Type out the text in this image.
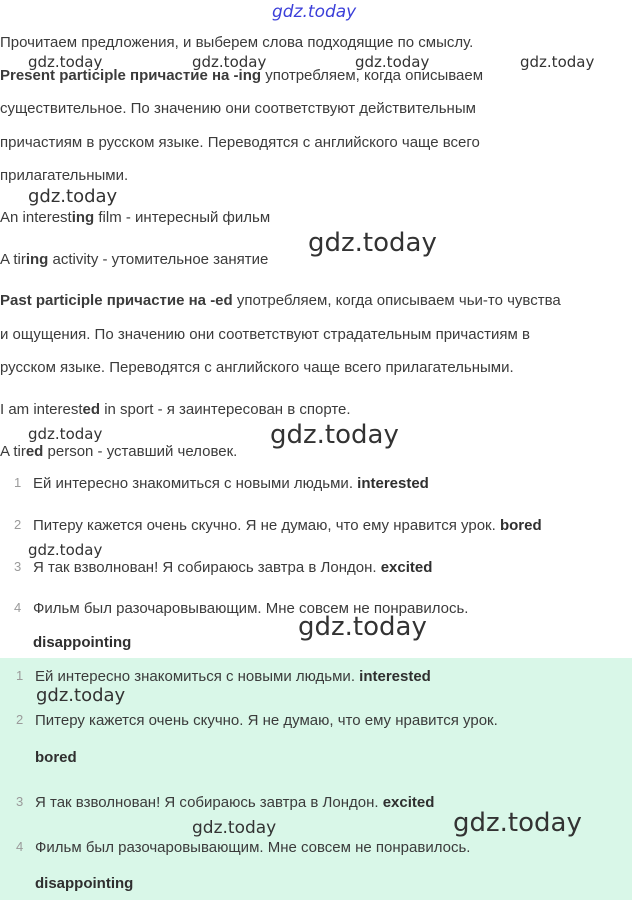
gdz.today

Прочитаем предложения, и выберем слова подходящие по смыслу.

Present participle причастие на -ing употребляем, когда описываем

существительное. По значению они соответствуют действительным

причастиям в русском языке. Переводятся с английского чаще всего

прилагательными.

An interesting film - интересный фильм

A tiring activity - утомительное занятие

Past participle причастие на -ed употребляем, когда описываем чьи-то чувства

и ощущения. По значению они соответствуют страдательным причастиям в

русском языке. Переводятся с английского чаще всего прилагательными.

I am interested in sport - я заинтересован в спорте.

A tired person - уставший человек.

1 Ей интересно знакомиться с новыми людьми. interested
2 Питеру кажется очень скучно. Я не думаю, что ему нравится урок. bored
3 Я так взволнован! Я собираюсь завтра в Лондон. excited
4 Фильм был разочаровывающим. Мне совсем не понравилось.
disappointing
1 Ей интересно знакомиться с новыми людьми. interested
2 Питеру кажется очень скучно. Я не думаю, что ему нравится урок.
bored
3 Я так взволнован! Я собираюсь завтра в Лондон. excited
4 Фильм был разочаровывающим. Мне совсем не понравилось.
disappointing
gdz.today	gdz.today	gdz.today	gdz.today
gdz.today
gdz.today
gdz.today	gdz.today
gdz.today
gdz.today
gdz.today
gdz.today	gdz.today
